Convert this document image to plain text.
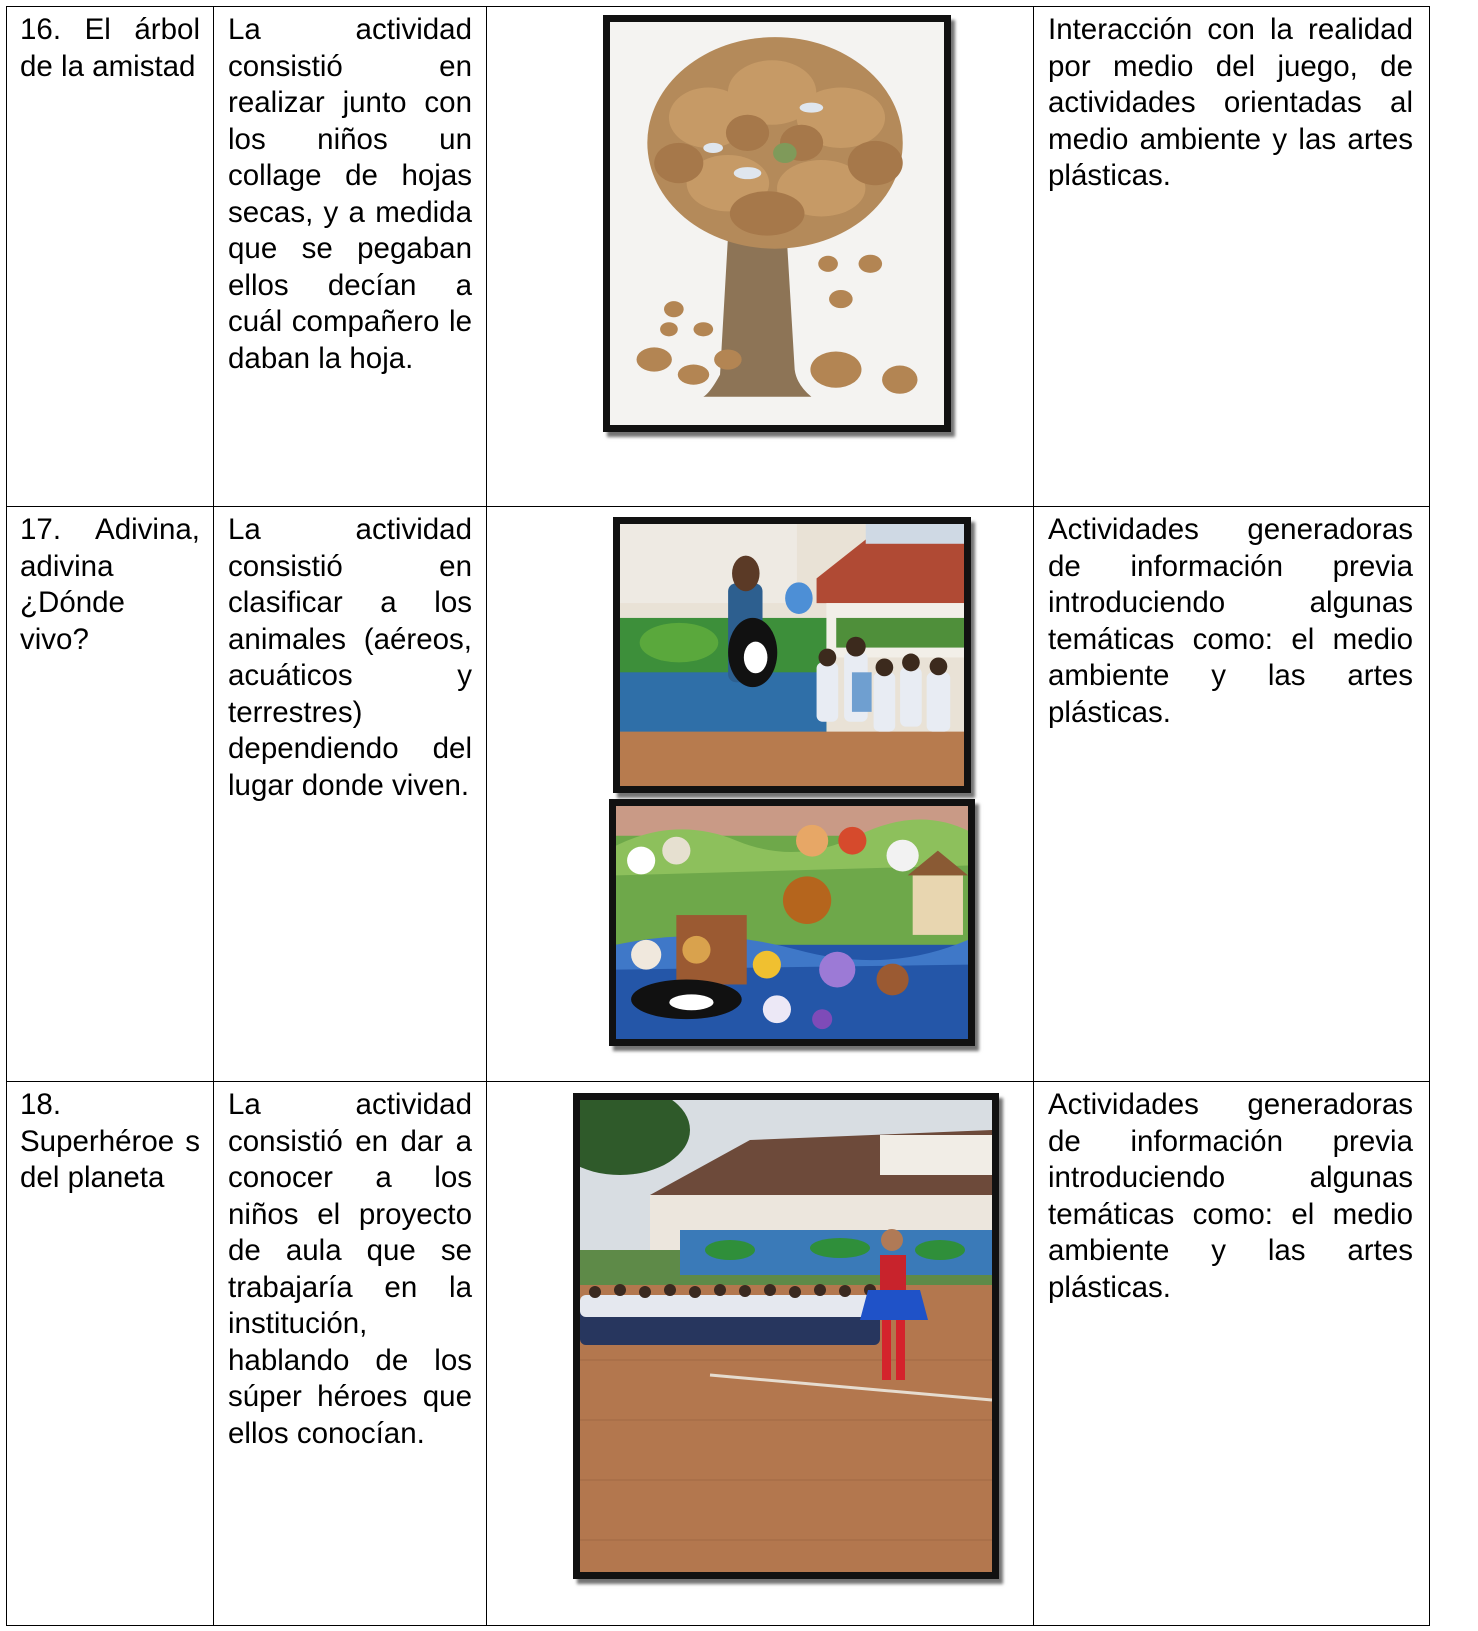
16. El árbol de la amistad	La actividad consistió en realizar junto con los niños un collage de hojas secas, y a medida que se pegaban ellos decían a cuál compañero le daban la hoja.		Interacción con la realidad por medio del juego, de actividades orientadas al medio ambiente y las artes plásticas.

17. Adivina, adivina ¿Dónde vivo?	La actividad consistió en clasificar a los animales (aéreos, acuáticos y terrestres) dependiendo del lugar donde viven.		Actividades generadoras de información previa introduciendo algunas temáticas como: el medio ambiente y las artes plásticas.

18. Superhéroe s del planeta	La actividad consistió en dar a conocer a los niños el proyecto de aula que se trabajaría en la institución, hablando de los súper héroes que ellos conocían.		Actividades generadoras de información previa introduciendo algunas temáticas como: el medio ambiente y las artes plásticas.
